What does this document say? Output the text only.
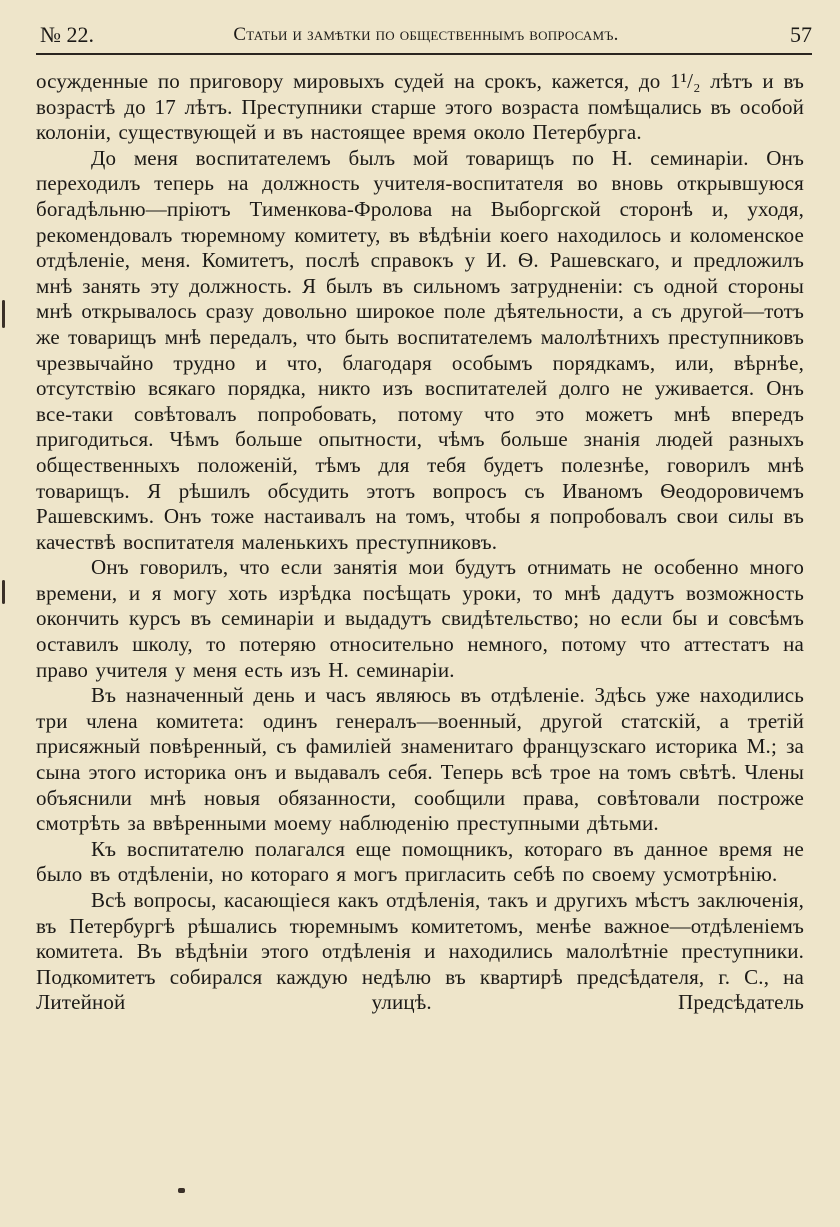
№ 22.	Статьи и замѣтки по общественнымъ вопросамъ.	57

осужденные по приговору мировыхъ судей на срокъ, кажется, до 1¹/₂ лѣтъ и въ возрастѣ до 17 лѣтъ. Преступники старше этого возраста помѣщались въ особой колоніи, существующей и въ настоящее время около Петербурга.

До меня воспитателемъ былъ мой товарищъ по Н. семинаріи. Онъ переходилъ теперь на должность учителя-воспитателя во вновь открывшуюся богадѣльню—пріютъ Тименкова-Фролова на Выборгской сторонѣ и, уходя, рекомендовалъ тюремному комитету, въ вѣдѣніи коего находилось и коломенское отдѣленіе, меня. Комитетъ, послѣ справокъ у И. Ѳ. Рашевскаго, и предложилъ мнѣ занять эту должность. Я былъ въ сильномъ затрудненіи: съ одной стороны мнѣ открывалось сразу довольно широкое поле дѣятельности, а съ другой—тотъ же товарищъ мнѣ передалъ, что быть воспитателемъ малолѣтнихъ преступниковъ чрезвычайно трудно и что, благодаря особымъ порядкамъ, или, вѣрнѣе, отсутствію всякаго порядка, никто изъ воспитателей долго не уживается. Онъ все-таки совѣтовалъ попробовать, потому что это можетъ мнѣ впередъ пригодиться. Чѣмъ больше опытности, чѣмъ больше знанія людей разныхъ общественныхъ положеній, тѣмъ для тебя будетъ полезнѣе, говорилъ мнѣ товарищъ. Я рѣшилъ обсудить этотъ вопросъ съ Иваномъ Ѳеодоровичемъ Рашевскимъ. Онъ тоже настаивалъ на томъ, чтобы я попробовалъ свои силы въ качествѣ воспитателя маленькихъ преступниковъ.

Онъ говорилъ, что если занятія мои будутъ отнимать не особенно много времени, и я могу хоть изрѣдка посѣщать уроки, то мнѣ дадутъ возможность окончить курсъ въ семинаріи и выдадутъ свидѣтельство; но если бы и совсѣмъ оставилъ школу, то потеряю относительно немного, потому что аттестатъ на право учителя у меня есть изъ Н. семинаріи.

Въ назначенный день и часъ являюсь въ отдѣленіе. Здѣсь уже находились три члена комитета: одинъ генералъ—военный, другой статскій, а третій присяжный повѣренный, съ фамиліей знаменитаго французскаго историка М.; за сына этого историка онъ и выдавалъ себя. Теперь всѣ трое на томъ свѣтѣ. Члены объяснили мнѣ новыя обязанности, сообщили права, совѣтовали построже смотрѣть за ввѣренными моему наблюденію преступными дѣтьми.

Къ воспитателю полагался еще помощникъ, котораго въ данное время не было въ отдѣленіи, но котораго я могъ пригласить себѣ по своему усмотрѣнію.

Всѣ вопросы, касающіеся какъ отдѣленія, такъ и другихъ мѣстъ заключенія, въ Петербургѣ рѣшались тюремнымъ комитетомъ, менѣе важное—отдѣленіемъ комитета. Въ вѣдѣніи этого отдѣленія и находились малолѣтніе преступники. Подкомитетъ собирался каждую недѣлю въ квартирѣ предсѣдателя, г. С., на Литейной улицѣ. Предсѣдатель
